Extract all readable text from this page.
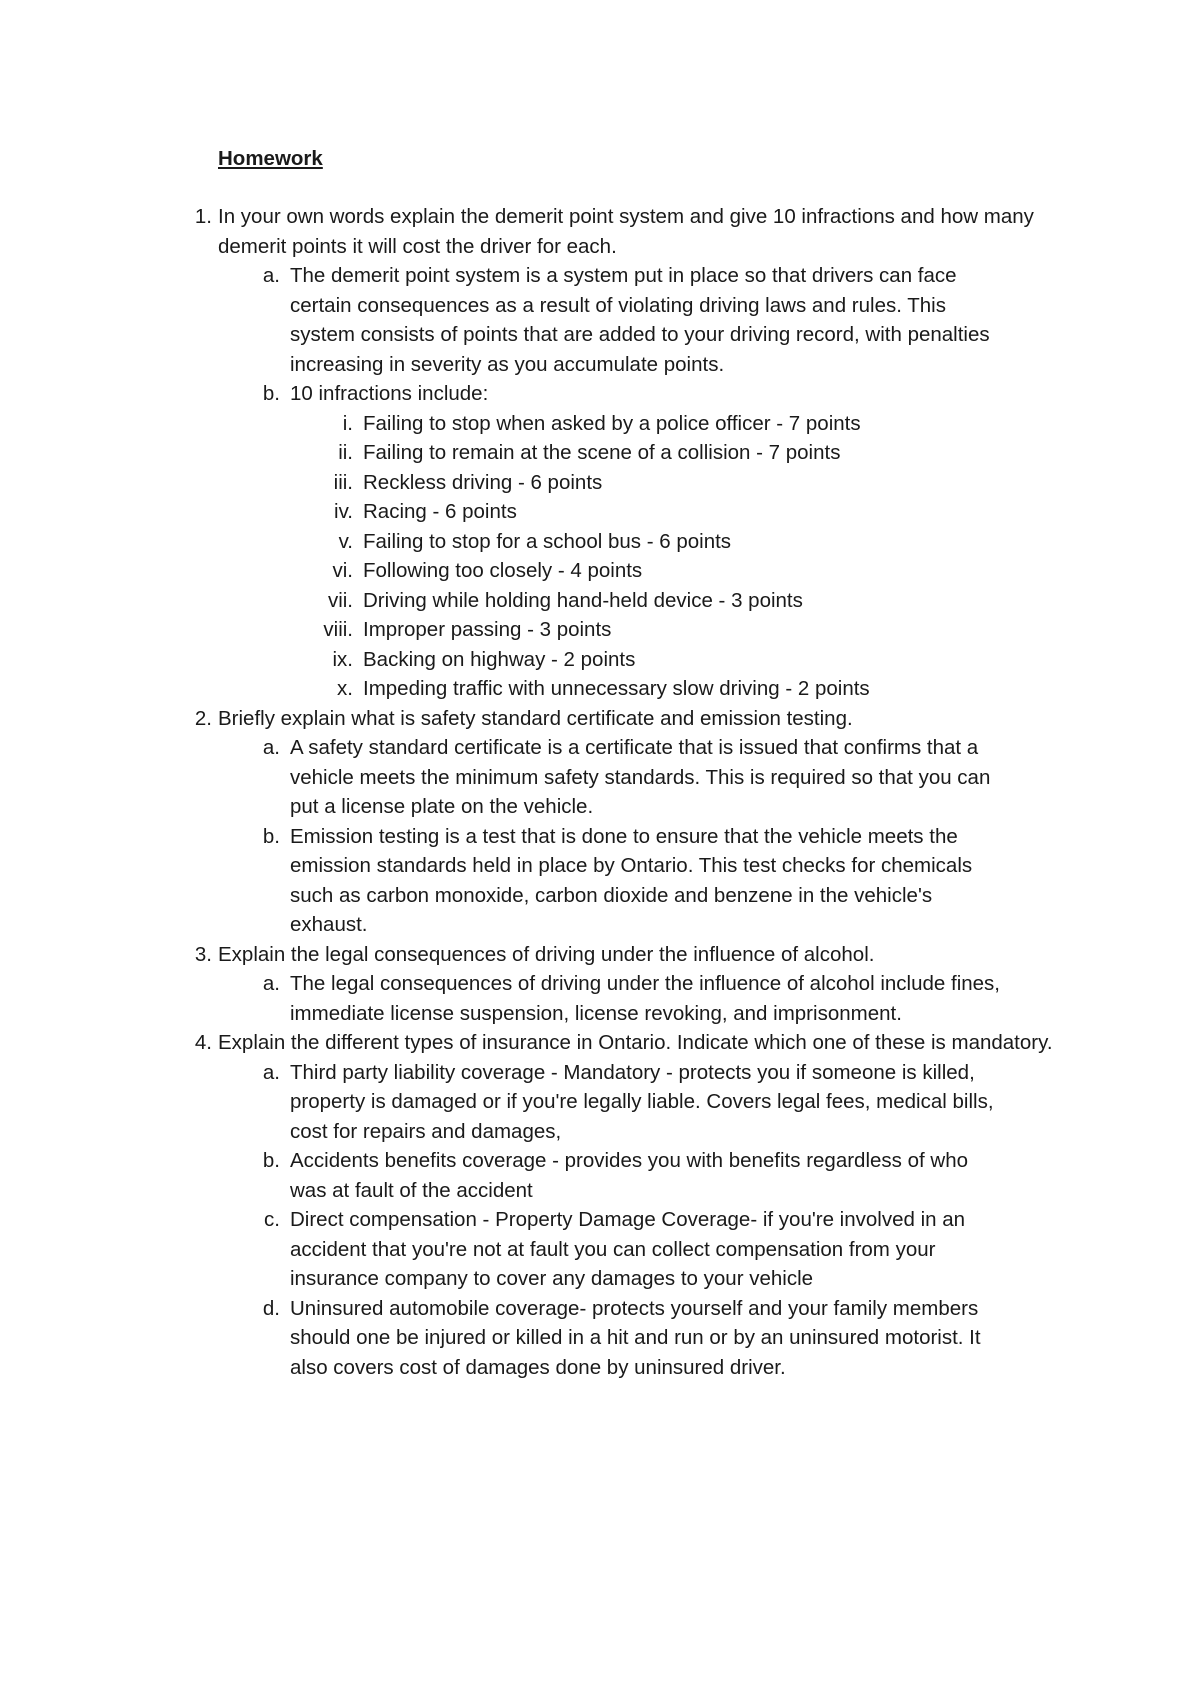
Homework
1. In your own words explain the demerit point system and give 10 infractions and how many demerit points it will cost the driver for each.
a. The demerit point system is a system put in place so that drivers can face certain consequences as a result of violating driving laws and rules. This system consists of points that are added to your driving record, with penalties increasing in severity as you accumulate points.
b. 10 infractions include:
i. Failing to stop when asked by a police officer - 7 points
ii. Failing to remain at the scene of a collision - 7 points
iii. Reckless driving - 6 points
iv. Racing - 6 points
v. Failing to stop for a school bus - 6 points
vi. Following too closely - 4 points
vii. Driving while holding hand-held device - 3 points
viii. Improper passing - 3 points
ix. Backing on highway - 2 points
x. Impeding traffic with unnecessary slow driving - 2 points
2. Briefly explain what is safety standard certificate and emission testing.
a. A safety standard certificate is a certificate that is issued that confirms that a vehicle meets the minimum safety standards. This is required so that you can put a license plate on the vehicle.
b. Emission testing is a test that is done to ensure that the vehicle meets the emission standards held in place by Ontario. This test checks for chemicals such as carbon monoxide, carbon dioxide and benzene in the vehicle's exhaust.
3. Explain the legal consequences of driving under the influence of alcohol.
a. The legal consequences of driving under the influence of alcohol include fines, immediate license suspension, license revoking, and imprisonment.
4. Explain the different types of insurance in Ontario. Indicate which one of these is mandatory.
a. Third party liability coverage - Mandatory - protects you if someone is killed, property is damaged or if you're legally liable. Covers legal fees, medical bills, cost for repairs and damages,
b. Accidents benefits coverage - provides you with benefits regardless of who was at fault of the accident
c. Direct compensation - Property Damage Coverage- if you're involved in an accident that you're not at fault you can collect compensation from your insurance company to cover any damages to your vehicle
d. Uninsured automobile coverage- protects yourself and your family members should one be injured or killed in a hit and run or by an uninsured motorist. It also covers cost of damages done by uninsured driver.
